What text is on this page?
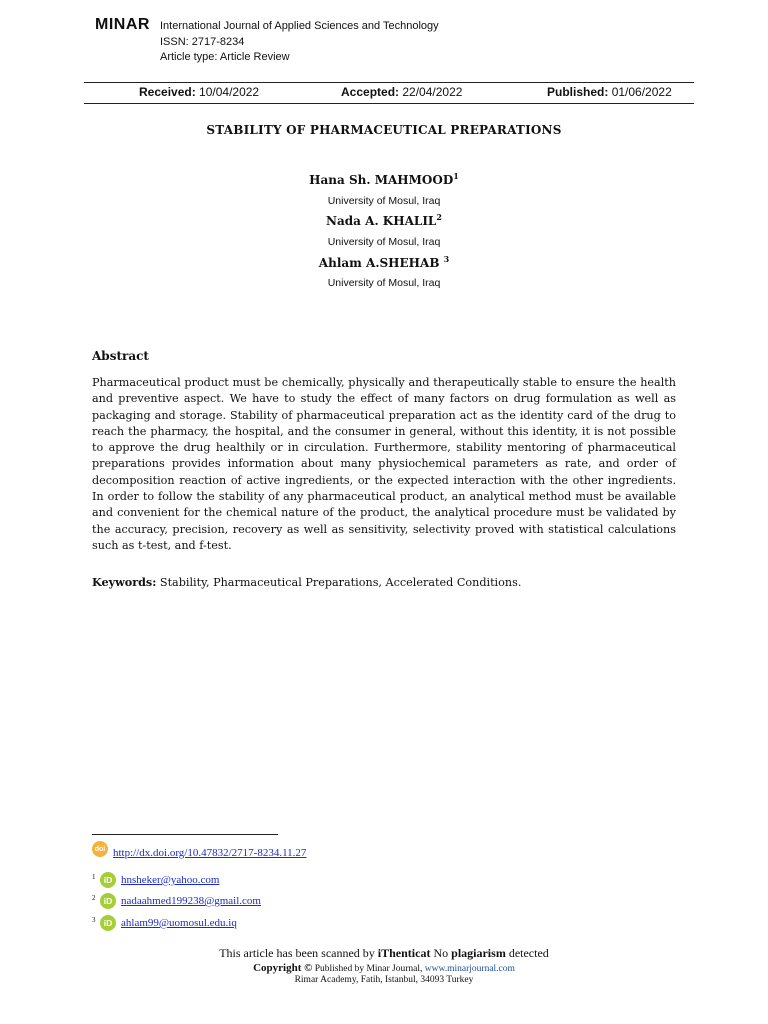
MINAR International Journal of Applied Sciences and Technology
ISSN: 2717-8234
Article type: Article Review
Received: 10/04/2022	Accepted: 22/04/2022	Published: 01/06/2022
STABILITY OF PHARMACEUTICAL PREPARATIONS
Hana Sh. MAHMOOD$^1$
University of Mosul, Iraq
Nada A. KHALIL$^2$
University of Mosul, Iraq
Ahlam A.SHEHAB $^3$
University of Mosul, Iraq
Abstract

Pharmaceutical product must be chemically, physically and therapeutically stable to ensure the health and preventive aspect. We have to study the effect of many factors on drug formulation as well as packaging and storage. Stability of pharmaceutical preparation act as the identity card of the drug to reach the pharmacy, the hospital, and the consumer in general, without this identity, it is not possible to approve the drug healthily or in circulation. Furthermore, stability mentoring of pharmaceutical preparations provides information about many physiochemical parameters as rate, and order of decomposition reaction of active ingredients, or the expected interaction with the other ingredients. In order to follow the stability of any pharmaceutical product, an analytical method must be available and convenient for the chemical nature of the product, the analytical procedure must be validated by the accuracy, precision, recovery as well as sensitivity, selectivity proved with statistical calculations such as t-test, and f-test.

Keywords: Stability, Pharmaceutical Preparations, Accelerated Conditions.
doi http://dx.doi.org/10.47832/2717-8234.11.27
1 iD hnsheker@yahoo.com
2 iD nadaahmed199238@gmail.com
3 iD ahlam99@uomosul.edu.iq
This article has been scanned by iThenticat No plagiarism detected
Copyright © Published by Minar Journal, www.minarjournal.com
Rimar Academy, Fatih, Istanbul, 34093 Turkey
